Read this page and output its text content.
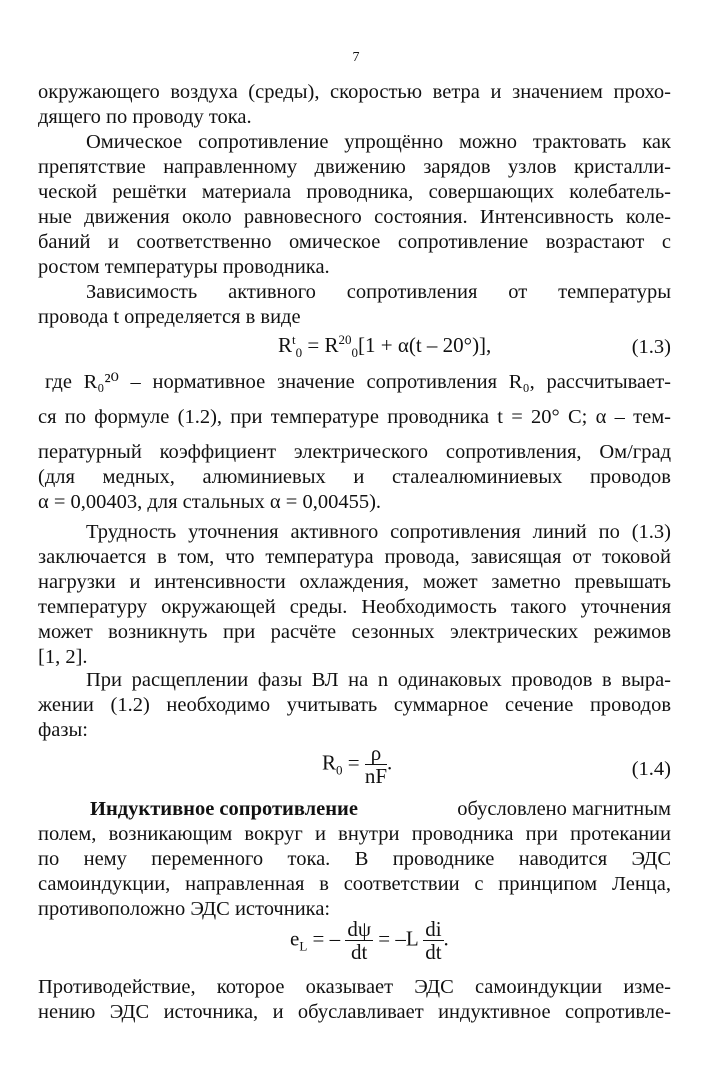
7
окружающего воздуха (среды), скоростью ветра и значением прохо-
дящего по проводу тока.
Омическое сопротивление упрощённо можно трактовать как
препятствие направленному движению зарядов узлов кристалли-
ческой решётки материала проводника, совершающих колебатель-
ные движения около равновесного состояния. Интенсивность коле-
баний и соответственно омическое сопротивление возрастают с
ростом температуры проводника.
Зависимость активного сопротивления от температуры
провода t определяется в виде
$R^t_0 = R^{20}_0[1 + \alpha(t - 20^\circ)]$,	(1.3)
где R₀²⁰ – нормативное значение сопротивления R₀, рассчитывает-
ся по формуле (1.2), при температуре проводника t = 20° C; α – тем-
пературный коэффициент электрического сопротивления, Ом/град
(для медных, алюминиевых и сталеалюминиевых проводов
α = 0,00403, для стальных α = 0,00455).
Трудность уточнения активного сопротивления линий по (1.3)
заключается в том, что температура провода, зависящая от токовой
нагрузки и интенсивности охлаждения, может заметно превышать
температуру окружающей среды. Необходимость такого уточнения
может возникнуть при расчёте сезонных электрических режимов
[1, 2].
При расщеплении фазы ВЛ на n одинаковых проводов в выра-
жении (1.2) необходимо учитывать суммарное сечение проводов
фазы:
$R_0 = \frac{\rho}{nF}$ .	(1.4)
Индуктивное сопротивление	обусловлено магнитным
полем, возникающим вокруг и внутри проводника при протекании
по нему переменного тока. В проводнике наводится ЭДС
самоиндукции, направленная в соответствии с принципом Ленца,
противоположно ЭДС источника:
$e_L$ = – $\frac{d\psi}{dt} = -L \frac{di}{dt}$ .
Противодействие, которое оказывает ЭДС самоиндукции изме-
нению ЭДС источника, и обуславливает индуктивное сопротивле-
